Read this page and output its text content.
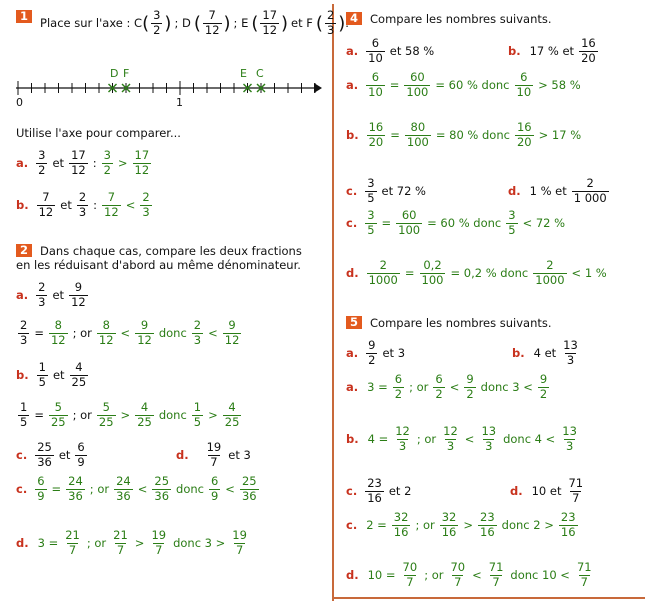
1	Place sur l'axe : C ( $\frac{3}{2}$ ) ; D ( $\frac{7}{12}$ ) ; E ( $\frac{17}{12}$ ) et F ( $\frac{2}{3}$ )
0	1
D F	E C
Utilise l'axe pour comparer...
a. $\frac{3}{2}$ et $\frac{17}{12}$ : $\frac{3}{2} > \frac{17}{12}$
b. $\frac{7}{12}$ et $\frac{2}{3}$ : $\frac{7}{12} < \frac{2}{3}$
2	Dans chaque cas, compare les deux fractions
en les réduisant d'abord au même dénominateur.
a. $\frac{2}{3}$ et $\frac{9}{12}$
$\frac{2}{3} = \frac{8}{12}$ ; or $\frac{8}{12} < \frac{9}{12}$ donc $\frac{2}{3} < \frac{9}{12}$
b. $\frac{1}{5}$ et $\frac{4}{25}$
$\frac{1}{5} = \frac{5}{25}$ ; or $\frac{5}{25} > \frac{4}{25}$ donc $\frac{1}{5} > \frac{4}{25}$
c. $\frac{25}{36}$ et $\frac{6}{9}$	d. $\frac{19}{7}$ et 3
c. $\frac{6}{9} = \frac{24}{36}$ ; or $\frac{24}{36} < \frac{25}{36}$ donc $\frac{6}{9} < \frac{25}{36}$
d. $3 = \frac{21}{7}$ ; or $\frac{21}{7} > \frac{19}{7}$ donc $3 > \frac{19}{7}$
4	Compare les nombres suivants.
a. $\frac{6}{10}$ et 58 %	b. 17 % et $\frac{16}{20}$
a. $\frac{6}{10} = \frac{60}{100} = 60$ % donc $\frac{6}{10} > 58$ %
b. $\frac{16}{20} = \frac{80}{100} = 80$ % donc $\frac{16}{20} > 17$ %
c. $\frac{3}{5}$ et 72 %	d. 1 % et $\frac{2}{1 000}$
c. $\frac{3}{5} = \frac{60}{100} = 60$ % donc $\frac{3}{5} < 72$ %
d. $\frac{2}{1000} = \frac{0,2}{100} = 0,2$ % donc $\frac{2}{1000} < 1$ %
5	Compare les nombres suivants.
a. $\frac{9}{2}$ et 3	b. 4 et $\frac{13}{3}$
a. $3 = \frac{6}{2}$ ; or $\frac{6}{2} < \frac{9}{2}$ donc $3 < \frac{9}{2}$
b. $4 = \frac{12}{3}$ ; or $\frac{12}{3} < \frac{13}{3}$ donc $4 < \frac{13}{3}$
c. $\frac{23}{16}$ et 2	d. 10 et $\frac{71}{7}$
c. $2 = \frac{32}{16}$ ; or $\frac{32}{16} > \frac{23}{16}$ donc $2 > \frac{23}{16}$
d. $10 = \frac{70}{7}$ ; or $\frac{70}{7} < \frac{71}{7}$ donc $10 < \frac{71}{7}$
